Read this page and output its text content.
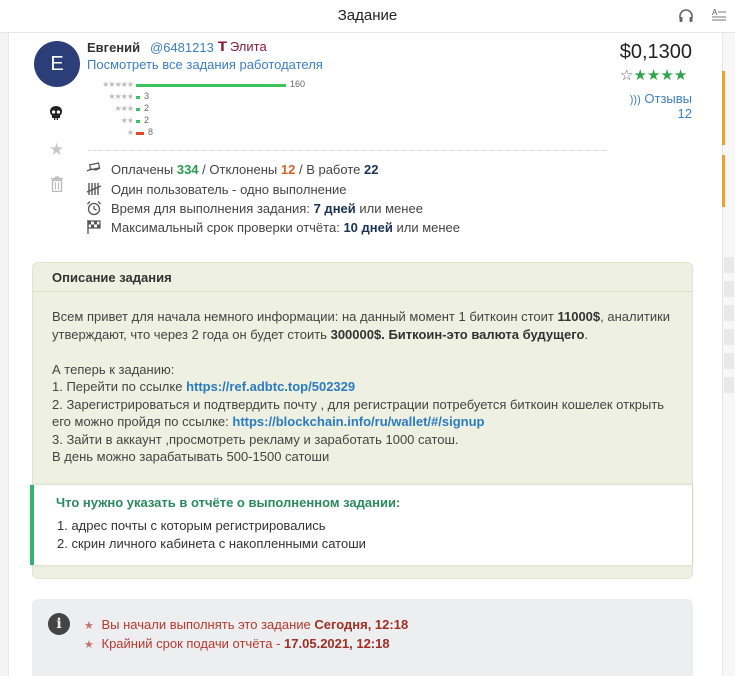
Задание	A
E
Евгений @6481213 𝗧 Элита
Посмотреть все задания работодателя
$0,1300
☆★★★★
))) Отзывы 12
★★★★★	160
★★★★ 3
★★★ 2
★★ 2
★ 8
★
Оплачены 334 / Отклонены 12 / В работе 22
Один пользователь - одно выполнение
Время для выполнения задания: 7 дней или менее
Максимальный срок проверки отчёта: 10 дней или менее
Описание задания
Всем привет для начала немного информации: на данный момент 1 биткоин стоит 11000$, аналитики
утверждают, что через 2 года он будет стоить 300000$. Биткоин-это валюта будущего.
А теперь к заданию:
1. Перейти по ссылке https://ref.adbtc.top/502329
2. Зарегистрироваться и подтвердить почту , для регистрации потребуется биткоин кошелек открыть
его можно пройдя по ссылке: https://blockchain.info/ru/wallet/#/signup
3. Зайти в аккаунт ,просмотреть рекламу и заработать 1000 сатош.
В день можно зарабатывать 500-1500 сатоши
Что нужно указать в отчёте о выполненном задании:
1. адрес почты с которым регистрировались
2. скрин личного кабинета с накопленными сатоши
i	★ Вы начали выполнять это задание Сегодня, 12:18
★ Крайний срок подачи отчёта - 17.05.2021, 12:18
